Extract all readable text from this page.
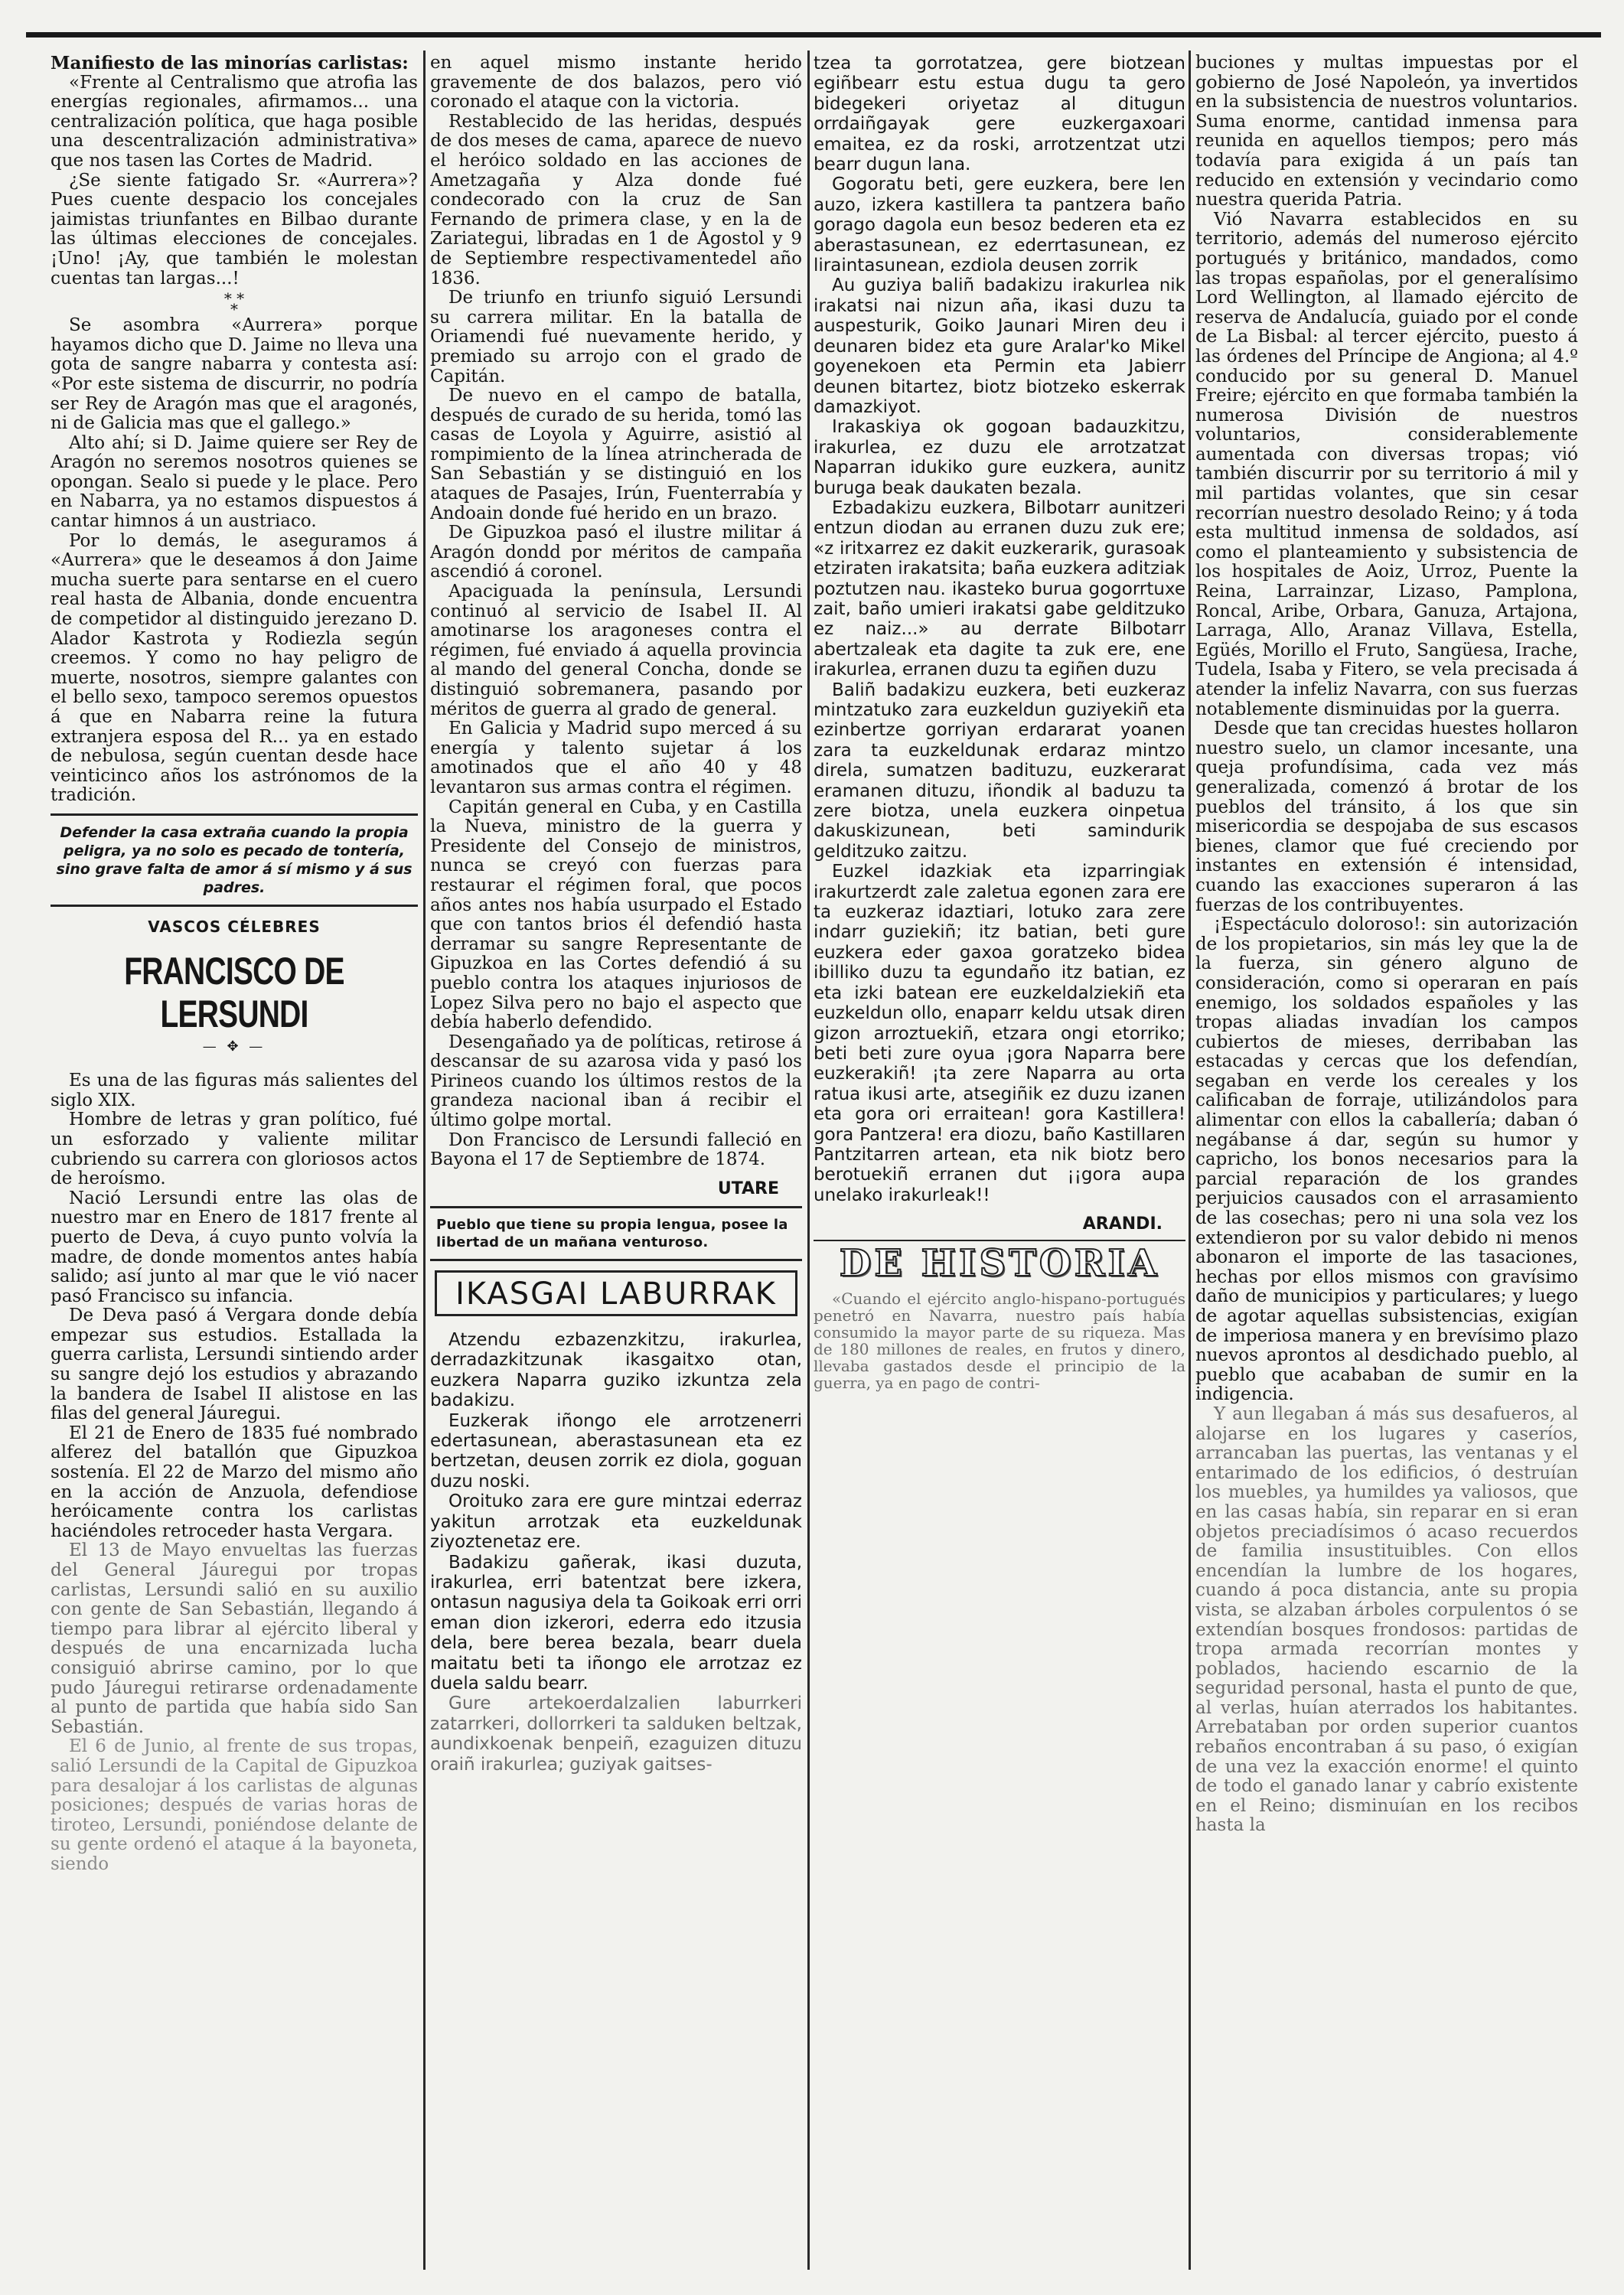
Manifiesto de las minorías carlistas:

«Frente al Centralismo que atrofia las energías regionales, afirmamos... una centralización política, que haga posible una descentralización administrativa» que nos tasen las Cortes de Madrid.

¿Se siente fatigado Sr. «Aurrera»? Pues cuente despacio los concejales jaimistas triunfantes en Bilbao durante las últimas elecciones de concejales. ¡Uno! ¡Ay, que también le molestan cuentas tan largas...!

* *
*

Se asombra «Aurrera» porque hayamos dicho que D. Jaime no lleva una gota de sangre nabarra y contesta así: «Por este sistema de discurrir, no podría ser Rey de Aragón mas que el aragonés, ni de Galicia mas que el gallego.»

Alto ahí; si D. Jaime quiere ser Rey de Aragón no seremos nosotros quienes se opongan. Sealo si puede y le place. Pero en Nabarra, ya no estamos dispuestos á cantar himnos á un austriaco.

Por lo demás, le aseguramos á «Aurrera» que le deseamos á don Jaime mucha suerte para sentarse en el cuero real hasta de Albania, donde encuentra de competidor al distinguido jerezano D. Alador Kastrota y Rodiezla según creemos. Y como no hay peligro de muerte, nosotros, siempre galantes con el bello sexo, tampoco seremos opuestos á que en Nabarra reine la futura extranjera esposa del R... ya en estado de nebulosa, según cuentan desde hace veinticinco años los astrónomos de la tradición.

Defender la casa extraña cuando la propia peligra, ya no solo es pecado de tontería, sino grave falta de amor á sí mismo y á sus padres.
VASCOS CÉLEBRES
FRANCISCO DE LERSUNDI
— ✥ —

Es una de las figuras más salientes del siglo XIX.

Hombre de letras y gran político, fué un esforzado y valiente militar cubriendo su carrera con gloriosos actos de heroísmo.

Nació Lersundi entre las olas de nuestro mar en Enero de 1817 frente al puerto de Deva, á cuyo punto volvía la madre, de donde momentos antes había salido; así junto al mar que le vió nacer pasó Francisco su infancia.

De Deva pasó á Vergara donde debía empezar sus estudios. Estallada la guerra carlista, Lersundi sintiendo arder su sangre dejó los estudios y abrazando la bandera de Isabel II alistose en las filas del general Jáuregui.

El 21 de Enero de 1835 fué nombrado alferez del batallón que Gipuzkoa sostenía. El 22 de Marzo del mismo año en la acción de Anzuola, defendiose heróicamente contra los carlistas haciéndoles retroceder hasta Vergara.

El 13 de Mayo envueltas las fuerzas del General Jáuregui por tropas carlistas, Lersundi salió en su auxilio con gente de San Sebastián, llegando á tiempo para librar al ejército liberal y después de una encarnizada lucha consiguió abrirse camino, por lo que pudo Jáuregui retirarse ordenadamente al punto de partida que había sido San Sebastián.

El 6 de Junio, al frente de sus tropas, salió Lersundi de la Capital de Gipuzkoa para desalojar á los carlistas de algunas posiciones; después de varias horas de tiroteo, Lersundi, poniéndose delante de su gente ordenó el ataque á la bayoneta, siendo

en aquel mismo instante herido gravemente de dos balazos, pero vió coronado el ataque con la victoria.

Restablecido de las heridas, después de dos meses de cama, aparece de nuevo el heróico soldado en las acciones de Ametzagaña y Alza donde fué condecorado con la cruz de San Fernando de primera clase, y en la de Zariategui, libradas en 1 de Agostol y 9 de Septiembre respectivamentedel año 1836.

De triunfo en triunfo siguió Lersundi su carrera militar. En la batalla de Oriamendi fué nuevamente herido, y premiado su arrojo con el grado de Capitán.

De nuevo en el campo de batalla, después de curado de su herida, tomó las casas de Loyola y Aguirre, asistió al rompimiento de la línea atrincherada de San Sebastián y se distinguió en los ataques de Pasajes, Irún, Fuenterrabía y Andoain donde fué herido en un brazo.

De Gipuzkoa pasó el ilustre militar á Aragón dondd por méritos de campaña ascendió á coronel.

Apaciguada la península, Lersundi continuó al servicio de Isabel II. Al amotinarse los aragoneses contra el régimen, fué enviado á aquella provincia al mando del general Concha, donde se distinguió sobremanera, pasando por méritos de guerra al grado de general.

En Galicia y Madrid supo merced á su energía y talento sujetar á los amotinados que el año 40 y 48 levantaron sus armas contra el régimen.

Capitán general en Cuba, y en Castilla la Nueva, ministro de la guerra y Presidente del Consejo de ministros, nunca se creyó con fuerzas para restaurar el régimen foral, que pocos años antes nos había usurpado el Estado que con tantos brios él defendió hasta derramar su sangre Representante de Gipuzkoa en las Cortes defendió á su pueblo contra los ataques injuriosos de Lopez Silva pero no bajo el aspecto que debía haberlo defendido.

Desengañado ya de políticas, retirose á descansar de su azarosa vida y pasó los Pirineos cuando los últimos restos de la grandeza nacional iban á recibir el último golpe mortal.

Don Francisco de Lersundi falleció en Bayona el 17 de Septiembre de 1874.

UTARE
Pueblo que tiene su propia lengua, posee la libertad de un mañana venturoso.
IKASGAI LABURRAK

Atzendu ezbazenzkitzu, irakurlea, derradazkitzunak ikasgaitxo otan, euzkera Naparra guziko izkuntza zela badakizu.

Euzkerak iñongo ele arrotzenerri edertasunean, aberastasunean eta ez bertzetan, deusen zorrik ez diola, goguan duzu noski.

Oroituko zara ere gure mintzai ederraz yakitun arrotzak eta euzkeldunak ziyoztenetaz ere.

Badakizu gañerak, ikasi duzuta, irakurlea, erri batentzat bere izkera, ontasun nagusiya dela ta Goikoak erri orri eman dion izkerori, ederra edo itzusia dela, bere berea bezala, bearr duela maitatu beti ta iñongo ele arrotzaz ez duela saldu bearr.

Gure artekoerdalzalien laburrkeri zatarrkeri, dollorrkeri ta salduken beltzak, aundixkoenak benpeiñ, ezaguizen dituzu oraiñ irakurlea; guziyak gaitses-

tzea ta gorrotatzea, gere biotzean egiñbearr estu estua dugu ta gero bidegekeri oriyetaz al ditugun orrdaiñgayak gere euzkergaxoari emaitea, ez da roski, arrotzentzat utzi bearr dugun lana.

Gogoratu beti, gere euzkera, bere len auzo, izkera kastillera ta pantzera baño gorago dagola eun besoz bederen eta ez aberastasunean, ez ederrtasunean, ez liraintasunean, ezdiola deusen zorrik

Au guziya baliñ badakizu irakurlea nik irakatsi nai nizun aña, ikasi duzu ta auspesturik, Goiko Jaunari Miren deu i deunaren bidez eta gure Aralar'ko Mikel goyenekoen eta Permin eta Jabierr deunen bitartez, biotz biotzeko eskerrak damazkiyot.

Irakaskiya ok gogoan badauzkitzu, irakurlea, ez duzu ele arrotzatzat Naparran idukiko gure euzkera, aunitz buruga beak daukaten bezala.

Ezbadakizu euzkera, Bilbotarr aunitzeri entzun diodan au erranen duzu zuk ere; «z iritxarrez ez dakit euzkerarik, gurasoak etziraten irakatsita; baña euzkera aditziak poztutzen nau. ikasteko burua gogorrtuxe zait, baño umieri irakatsi gabe gelditzuko ez naiz...» au derrate Bilbotarr abertzaleak eta dagite ta zuk ere, ene irakurlea, erranen duzu ta egiñen duzu

Baliñ badakizu euzkera, beti euzkeraz mintzatuko zara euzkeldun guziyekiñ eta ezinbertze gorriyan erdararat yoanen zara ta euzkeldunak erdaraz mintzo direla, sumatzen badituzu, euzkerarat eramanen dituzu, iñondik al baduzu ta zere biotza, unela euzkera oinpetua dakuskizunean, beti samindurik gelditzuko zaitzu.

Euzkel idazkiak eta izparringiak irakurtzerdt zale zaletua egonen zara ere ta euzkeraz idaztiari, lotuko zara zere indarr guziekiñ; itz batian, beti gure euzkera eder gaxoa goratzeko bidea ibilliko duzu ta egundaño itz batian, ez eta izki batean ere euzkeldalziekiñ eta euzkeldun ollo, enaparr keldu utsak diren gizon arroztuekiñ, etzara ongi etorriko; beti beti zure oyua ¡gora Naparra bere euzkerakiñ! ¡ta zere Naparra au orta ratua ikusi arte, atsegiñik ez duzu izanen eta gora ori erraitean! gora Kastillera! gora Pantzera! era diozu, baño Kastillaren Pantzitarren artean, eta nik biotz bero berotuekiñ erranen dut ¡¡gora aupa unelako irakurleak!!

ARANDI.
DE HISTORIA

«Cuando el ejército anglo-hispano-portugués penetró en Navarra, nuestro país había consumido la mayor parte de su riqueza. Mas de 180 millones de reales, en frutos y dinero, llevaba gastados desde el principio de la guerra, ya en pago de contri-

buciones y multas impuestas por el gobierno de José Napoleón, ya invertidos en la subsistencia de nuestros voluntarios. Suma enorme, cantidad inmensa para reunida en aquellos tiempos; pero más todavía para exigida á un país tan reducido en extensión y vecindario como nuestra querida Patria.

Vió Navarra establecidos en su territorio, además del numeroso ejército portugués y británico, mandados, como las tropas españolas, por el generalísimo Lord Wellington, al llamado ejército de reserva de Andalucía, guiado por el conde de La Bisbal: al tercer ejército, puesto á las órdenes del Príncipe de Angiona; al 4.º conducido por su general D. Manuel Freire; ejército en que formaba también la numerosa División de nuestros voluntarios, considerablemente aumentada con diversas tropas; vió también discurrir por su territorio á mil y mil partidas volantes, que sin cesar recorrían nuestro desolado Reino; y á toda esta multitud inmensa de soldados, así como el planteamiento y subsistencia de los hospitales de Aoiz, Urroz, Puente la Reina, Larrainzar, Lizaso, Pamplona, Roncal, Aribe, Orbara, Ganuza, Artajona, Larraga, Allo, Aranaz Villava, Estella, Egüés, Morillo el Fruto, Sangüesa, Irache, Tudela, Isaba y Fitero, se vela precisada á atender la infeliz Navarra, con sus fuerzas notablemente disminuidas por la guerra.

Desde que tan crecidas huestes hollaron nuestro suelo, un clamor incesante, una queja profundísima, cada vez más generalizada, comenzó á brotar de los pueblos del tránsito, á los que sin misericordia se despojaba de sus escasos bienes, clamor que fué creciendo por instantes en extensión é intensidad, cuando las exacciones superaron á las fuerzas de los contribuyentes.

¡Espectáculo doloroso!: sin autorización de los propietarios, sin más ley que la de la fuerza, sin género alguno de consideración, como si operaran en país enemigo, los soldados españoles y las tropas aliadas invadían los campos cubiertos de mieses, derribaban las estacadas y cercas que los defendían, segaban en verde los cereales y los calificaban de forraje, utilizándolos para alimentar con ellos la caballería; daban ó negábanse á dar, según su humor y capricho, los bonos necesarios para la parcial reparación de los grandes perjuicios causados con el arrasamiento de las cosechas; pero ni una sola vez los extendieron por su valor debido ni menos abonaron el importe de las tasaciones, hechas por ellos mismos con gravísimo daño de municipios y particulares; y luego de agotar aquellas subsistencias, exigían de imperiosa manera y en brevísimo plazo nuevos aprontos al desdichado pueblo, al pueblo que acababan de sumir en la indigencia.

Y aun llegaban á más sus desafueros, al alojarse en los lugares y caseríos, arrancaban las puertas, las ventanas y el entarimado de los edificios, ó destruían los muebles, ya humildes ya valiosos, que en las casas había, sin reparar en si eran objetos preciadísimos ó acaso recuerdos de familia insustituibles. Con ellos encendían la lumbre de los hogares, cuando á poca distancia, ante su propia vista, se alzaban árboles corpulentos ó se extendían bosques frondosos: partidas de tropa armada recorrían montes y poblados, haciendo escarnio de la seguridad personal, hasta el punto de que, al verlas, huían aterrados los habitantes. Arrebataban por orden superior cuantos rebaños encontraban á su paso, ó exigían de una vez la exacción enorme! el quinto de todo el ganado lanar y cabrío existente en el Reino; disminuían en los recibos hasta la
